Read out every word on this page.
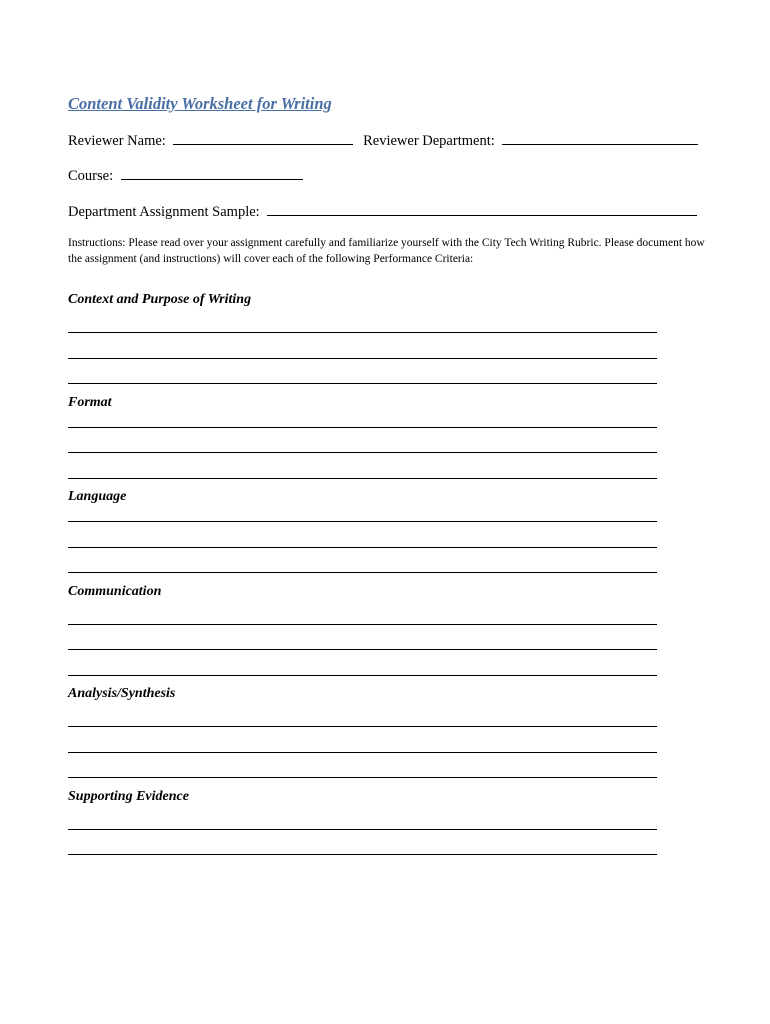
Content Validity Worksheet for Writing
Reviewer Name:	Reviewer Department:
Course:
Department Assignment Sample:
Instructions: Please read over your assignment carefully and familiarize yourself with the City Tech Writing Rubric. Please document how the assignment (and instructions) will cover each of the following Performance Criteria:
Context and Purpose of Writing
Format
Language
Communication
Analysis/Synthesis
Supporting Evidence
